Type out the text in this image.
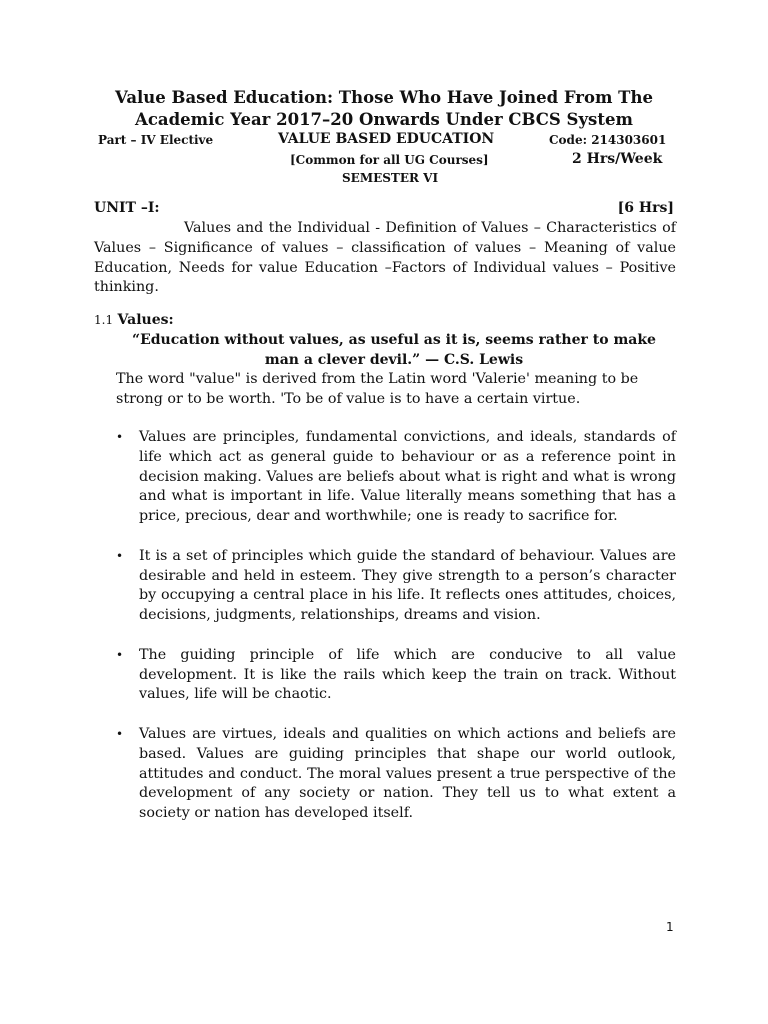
Value Based Education: Those Who Have Joined From The
Academic Year 2017–20 Onwards Under CBCS System
Part – IV Elective	VALUE BASED EDUCATION	Code: 214303601
[Common for all UG Courses]	2 Hrs/Week
SEMESTER VI
UNIT –I:	[6 Hrs]

Values and the Individual - Definition of Values – Characteristics of Values – Significance of values – classification of values – Meaning of value Education, Needs for value Education –Factors of Individual values – Positive thinking.

1.1 Values:

“Education without values, as useful as it is, seems rather to make
man a clever devil.” — C.S. Lewis

The word "value" is derived from the Latin word 'Valerie' meaning to be strong or to be worth. 'To be of value is to have a certain virtue.

• Values are principles, fundamental convictions, and ideals, standards of life which act as general guide to behaviour or as a reference point in decision making. Values are beliefs about what is right and what is wrong and what is important in life. Value literally means something that has a price, precious, dear and worthwhile; one is ready to sacrifice for.
• It is a set of principles which guide the standard of behaviour. Values are desirable and held in esteem. They give strength to a person’s character by occupying a central place in his life. It reflects ones attitudes, choices, decisions, judgments, relationships, dreams and vision.
• The guiding principle of life which are conducive to all value development. It is like the rails which keep the train on track. Without values, life will be chaotic.
• Values are virtues, ideals and qualities on which actions and beliefs are based. Values are guiding principles that shape our world outlook, attitudes and conduct. The moral values present a true perspective of the development of any society or nation. They tell us to what extent a society or nation has developed itself.
1
